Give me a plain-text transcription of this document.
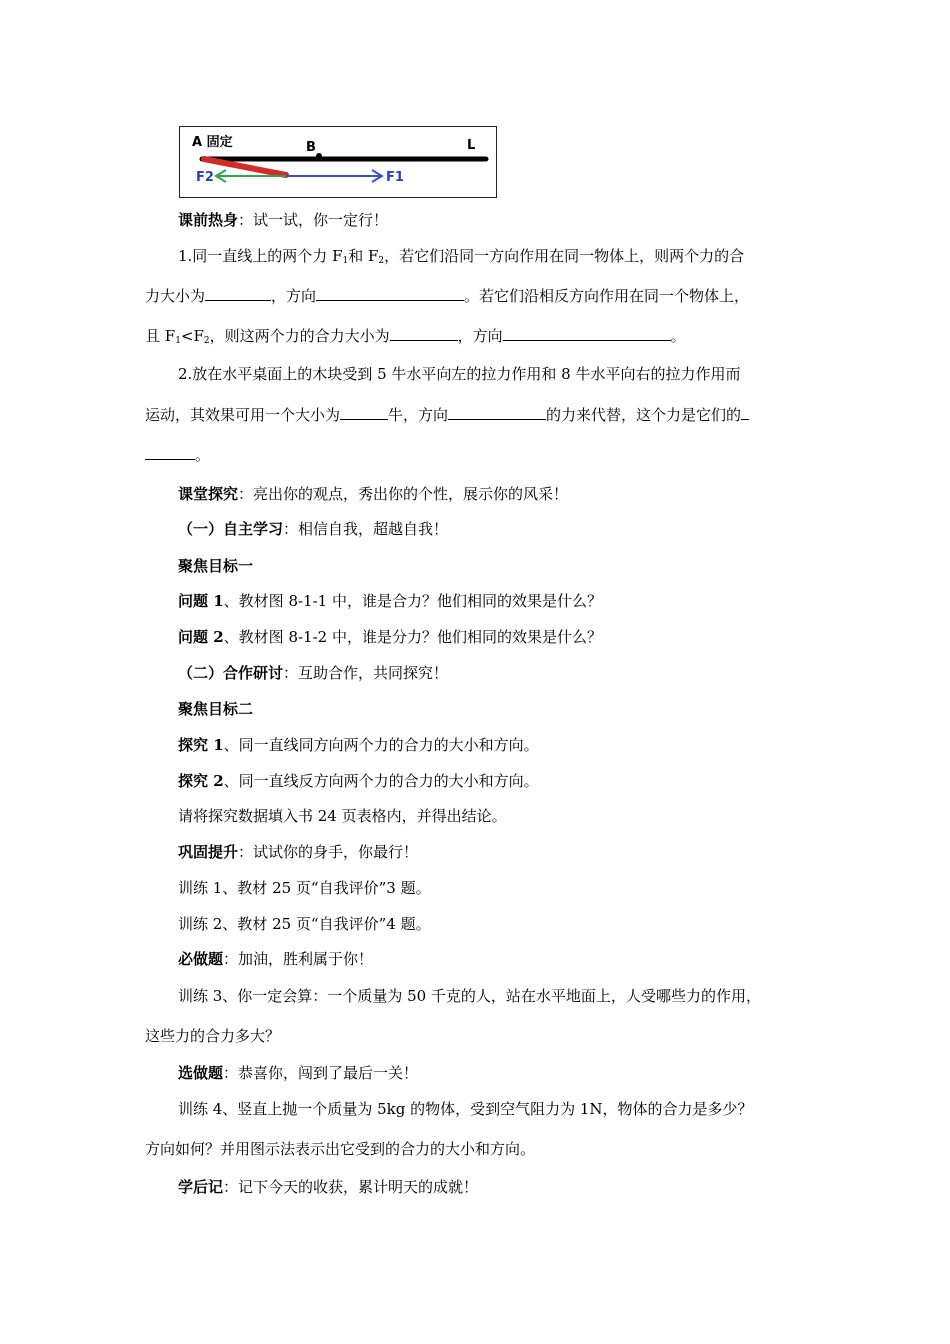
A 固定	B	L
F2	F1
课前热身：试一试，你一定行！
1.同一直线上的两个力 $F_1$和 $F_2$，若它们沿同一方向作用在同一物体上，则两个力的合
力大小为	，方向	。若它们沿相反方向作用在同一个物体上，
且 $F_1<F_2$，则这两个力的合力大小为	，方向	。
2.放在水平桌面上的木块受到 5 牛水平向左的拉力作用和 8 牛水平向右的拉力作用而
运动，其效果可用一个大小为	牛，方向	的力来代替，这个力是它们的
。
课堂探究：亮出你的观点，秀出你的个性，展示你的风采！
（一）自主学习：相信自我，超越自我！
聚焦目标一
问题 1、教材图 8-1-1 中，谁是合力？他们相同的效果是什么？
问题 2、教材图 8-1-2 中，谁是分力？他们相同的效果是什么？
（二）合作研讨：互助合作，共同探究！
聚焦目标二
探究 1、同一直线同方向两个力的合力的大小和方向。
探究 2、同一直线反方向两个力的合力的大小和方向。
请将探究数据填入书 24 页表格内，并得出结论。
巩固提升：试试你的身手，你最行！
训练 1、教材 25 页“自我评价”3 题。
训练 2、教材 25 页“自我评价”4 题。
必做题：加油，胜利属于你！
训练 3、你一定会算：一个质量为 50 千克的人，站在水平地面上，人受哪些力的作用，
这些力的合力多大？
选做题：恭喜你，闯到了最后一关！
训练 4、竖直上抛一个质量为 5kg 的物体，受到空气阻力为 1N，物体的合力是多少？
方向如何？并用图示法表示出它受到的合力的大小和方向。
学后记：记下今天的收获，累计明天的成就！
